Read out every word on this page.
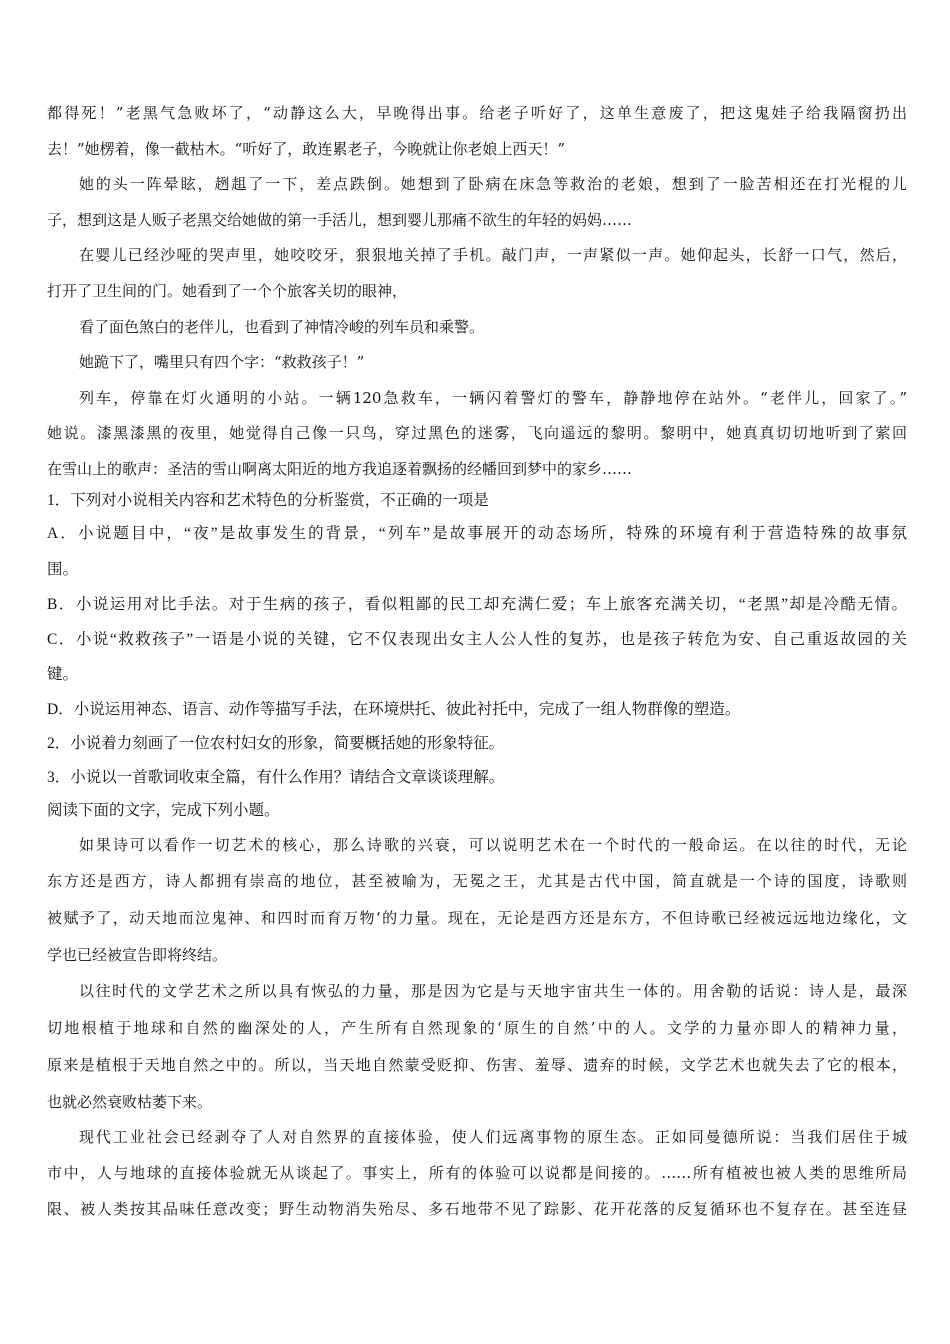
都得死！”老黑气急败坏了，“动静这么大，早晚得出事。给老子听好了，这单生意废了，把这鬼娃子给我隔窗扔出
去！”她楞着，像一截枯木。“听好了，敢连累老子，今晚就让你老娘上西天！”
她的头一阵晕眩，趔趄了一下，差点跌倒。她想到了卧病在床急等救治的老娘，想到了一脸苦相还在打光棍的儿
子，想到这是人贩子老黑交给她做的第一手活儿，想到婴儿那痛不欲生的年轻的妈妈……
在婴儿已经沙哑的哭声里，她咬咬牙，狠狠地关掉了手机。敲门声，一声紧似一声。她仰起头，长舒一口气，然后，
打开了卫生间的门。她看到了一个个旅客关切的眼神，
看了面色煞白的老伴儿，也看到了神情冷峻的列车员和乘警。
她跪下了，嘴里只有四个字：“救救孩子！”
列车，停靠在灯火通明的小站。一辆120急救车，一辆闪着警灯的警车，静静地停在站外。“老伴儿，回家了。”
她说。漆黑漆黑的夜里，她觉得自己像一只鸟，穿过黑色的迷雾，飞向遥远的黎明。黎明中，她真真切切地听到了萦回
在雪山上的歌声：圣洁的雪山啊离太阳近的地方我追逐着飘扬的经幡回到梦中的家乡……
1．下列对小说相关内容和艺术特色的分析鉴赏，不正确的一项是
A．小说题目中，“夜”是故事发生的背景，“列车”是故事展开的动态场所，特殊的环境有利于营造特殊的故事氛
围。
B．小说运用对比手法。对于生病的孩子，看似粗鄙的民工却充满仁爱；车上旅客充满关切，“老黑”却是冷酷无情。
C．小说“救救孩子”一语是小说的关键，它不仅表现出女主人公人性的复苏，也是孩子转危为安、自己重返故园的关
键。
D．小说运用神态、语言、动作等描写手法，在环境烘托、彼此衬托中，完成了一组人物群像的塑造。
2．小说着力刻画了一位农村妇女的形象，简要概括她的形象特征。
3．小说以一首歌词收束全篇，有什么作用？请结合文章谈谈理解。
阅读下面的文字，完成下列小题。
如果诗可以看作一切艺术的核心，那么诗歌的兴衰，可以说明艺术在一个时代的一般命运。在以往的时代，无论
东方还是西方，诗人都拥有崇高的地位，甚至被喻为，无冕之王，尤其是古代中国，简直就是一个诗的国度，诗歌则
被赋予了，动天地而泣鬼神、和四时而育万物‘的力量。现在，无论是西方还是东方，不但诗歌已经被远远地边缘化，文
学也已经被宣告即将终结。
以往时代的文学艺术之所以具有恢弘的力量，那是因为它是与天地宇宙共生一体的。用舍勒的话说：诗人是，最深
切地根植于地球和自然的幽深处的人，产生所有自然现象的‘原生的自然’中的人。文学的力量亦即人的精神力量，
原来是植根于天地自然之中的。所以，当天地自然蒙受贬抑、伤害、羞辱、遗弃的时候，文学艺术也就失去了它的根本，
也就必然衰败枯萎下来。
现代工业社会已经剥夺了人对自然界的直接体验，使人们远离事物的原生态。正如同曼德所说：当我们居住于城
市中，人与地球的直接体验就无从谈起了。事实上，所有的体验可以说都是间接的。……所有植被也被人类的思维所局
限、被人类按其品味任意改变；野生动物消失殆尽、多石地带不见了踪影、花开花落的反复循环也不复存在。甚至连昼
